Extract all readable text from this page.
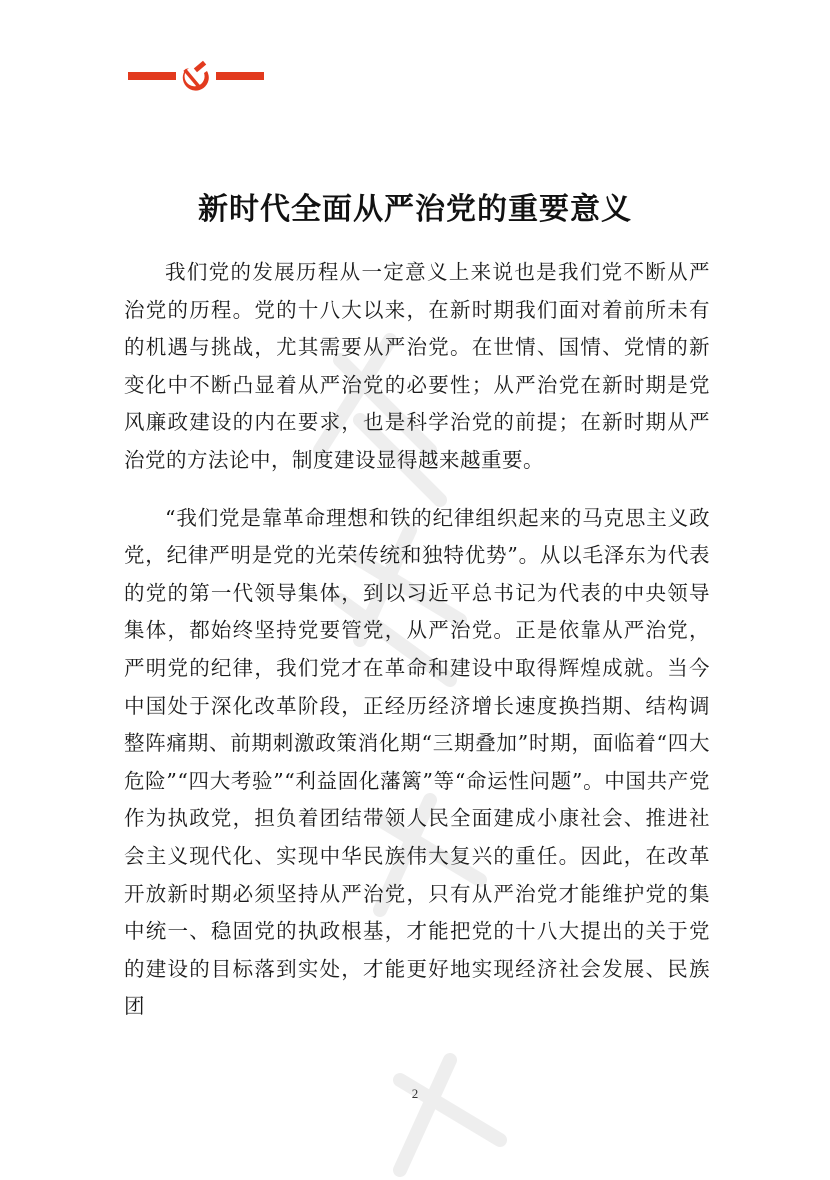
新时代全面从严治党的重要意义

我们党的发展历程从一定意义上来说也是我们党不断从严治党的历程。党的十八大以来，在新时期我们面对着前所未有的机遇与挑战，尤其需要从严治党。在世情、国情、党情的新变化中不断凸显着从严治党的必要性；从严治党在新时期是党风廉政建设的内在要求，也是科学治党的前提；在新时期从严治党的方法论中，制度建设显得越来越重要。

“我们党是靠革命理想和铁的纪律组织起来的马克思主义政党，纪律严明是党的光荣传统和独特优势”。从以毛泽东为代表的党的第一代领导集体，到以习近平总书记为代表的中央领导集体，都始终坚持党要管党，从严治党。正是依靠从严治党，严明党的纪律，我们党才在革命和建设中取得辉煌成就。当今中国处于深化改革阶段，正经历经济增长速度换挡期、结构调整阵痛期、前期刺激政策消化期“三期叠加”时期，面临着“四大危险”“四大考验”“利益固化藩篱”等“命运性问题”。中国共产党作为执政党，担负着团结带领人民全面建成小康社会、推进社会主义现代化、实现中华民族伟大复兴的重任。因此，在改革开放新时期必须坚持从严治党，只有从严治党才能维护党的集中统一、稳固党的执政根基，才能把党的十八大提出的关于党的建设的目标落到实处，才能更好地实现经济社会发展、民族团

2
